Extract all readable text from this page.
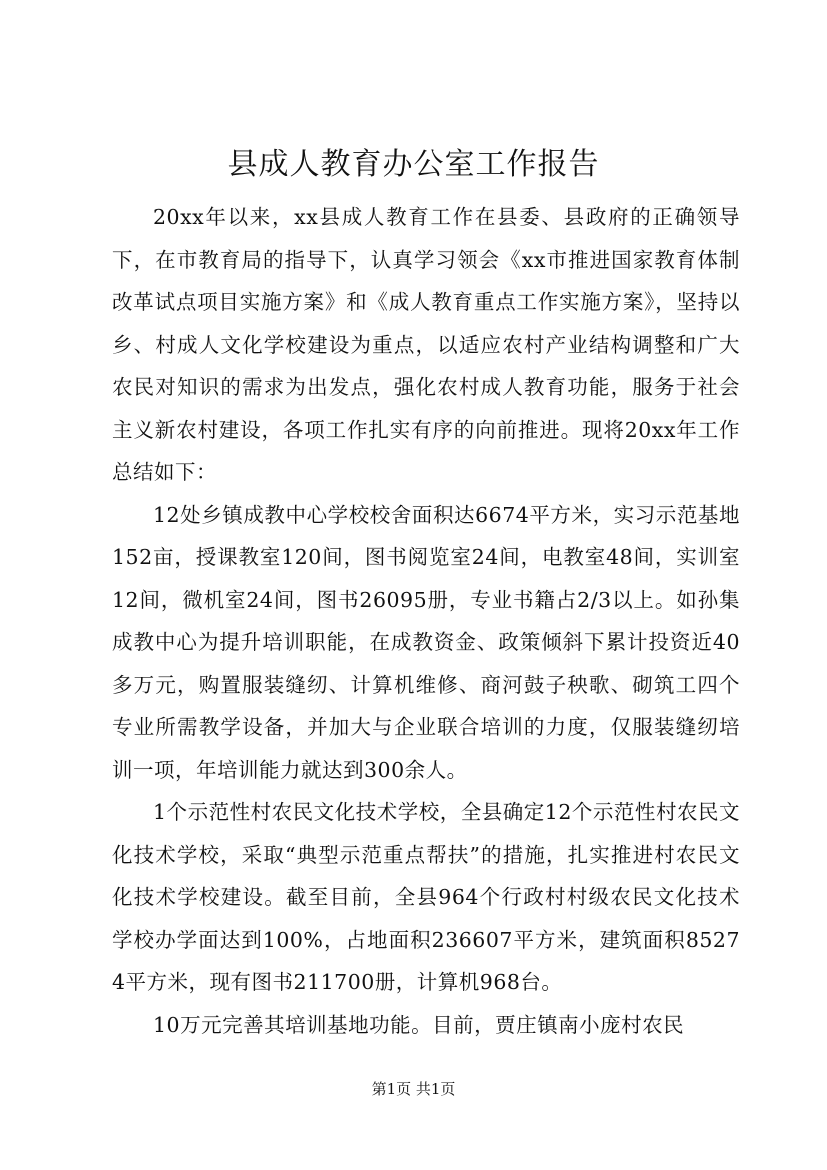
县成人教育办公室工作报告

20xx年以来，xx县成人教育工作在县委、县政府的正确领导下，在市教育局的指导下，认真学习领会《xx市推进国家教育体制改革试点项目实施方案》和《成人教育重点工作实施方案》，坚持以乡、村成人文化学校建设为重点，以适应农村产业结构调整和广大农民对知识的需求为出发点，强化农村成人教育功能，服务于社会主义新农村建设，各项工作扎实有序的向前推进。现将20xx年工作总结如下：

12处乡镇成教中心学校校舍面积达6674平方米，实习示范基地152亩，授课教室120间，图书阅览室24间，电教室48间，实训室12间，微机室24间，图书26095册，专业书籍占2/3以上。如孙集成教中心为提升培训职能，在成教资金、政策倾斜下累计投资近40多万元，购置服装缝纫、计算机维修、商河鼓子秧歌、砌筑工四个专业所需教学设备，并加大与企业联合培训的力度，仅服装缝纫培训一项，年培训能力就达到300余人。

1个示范性村农民文化技术学校，全县确定12个示范性村农民文化技术学校，采取“典型示范重点帮扶”的措施，扎实推进村农民文化技术学校建设。截至目前，全县964个行政村村级农民文化技术学校办学面达到100%，占地面积236607平方米，建筑面积85274平方米，现有图书211700册，计算机968台。

10万元完善其培训基地功能。目前，贾庄镇南小庞村农民

第1页 共1页
